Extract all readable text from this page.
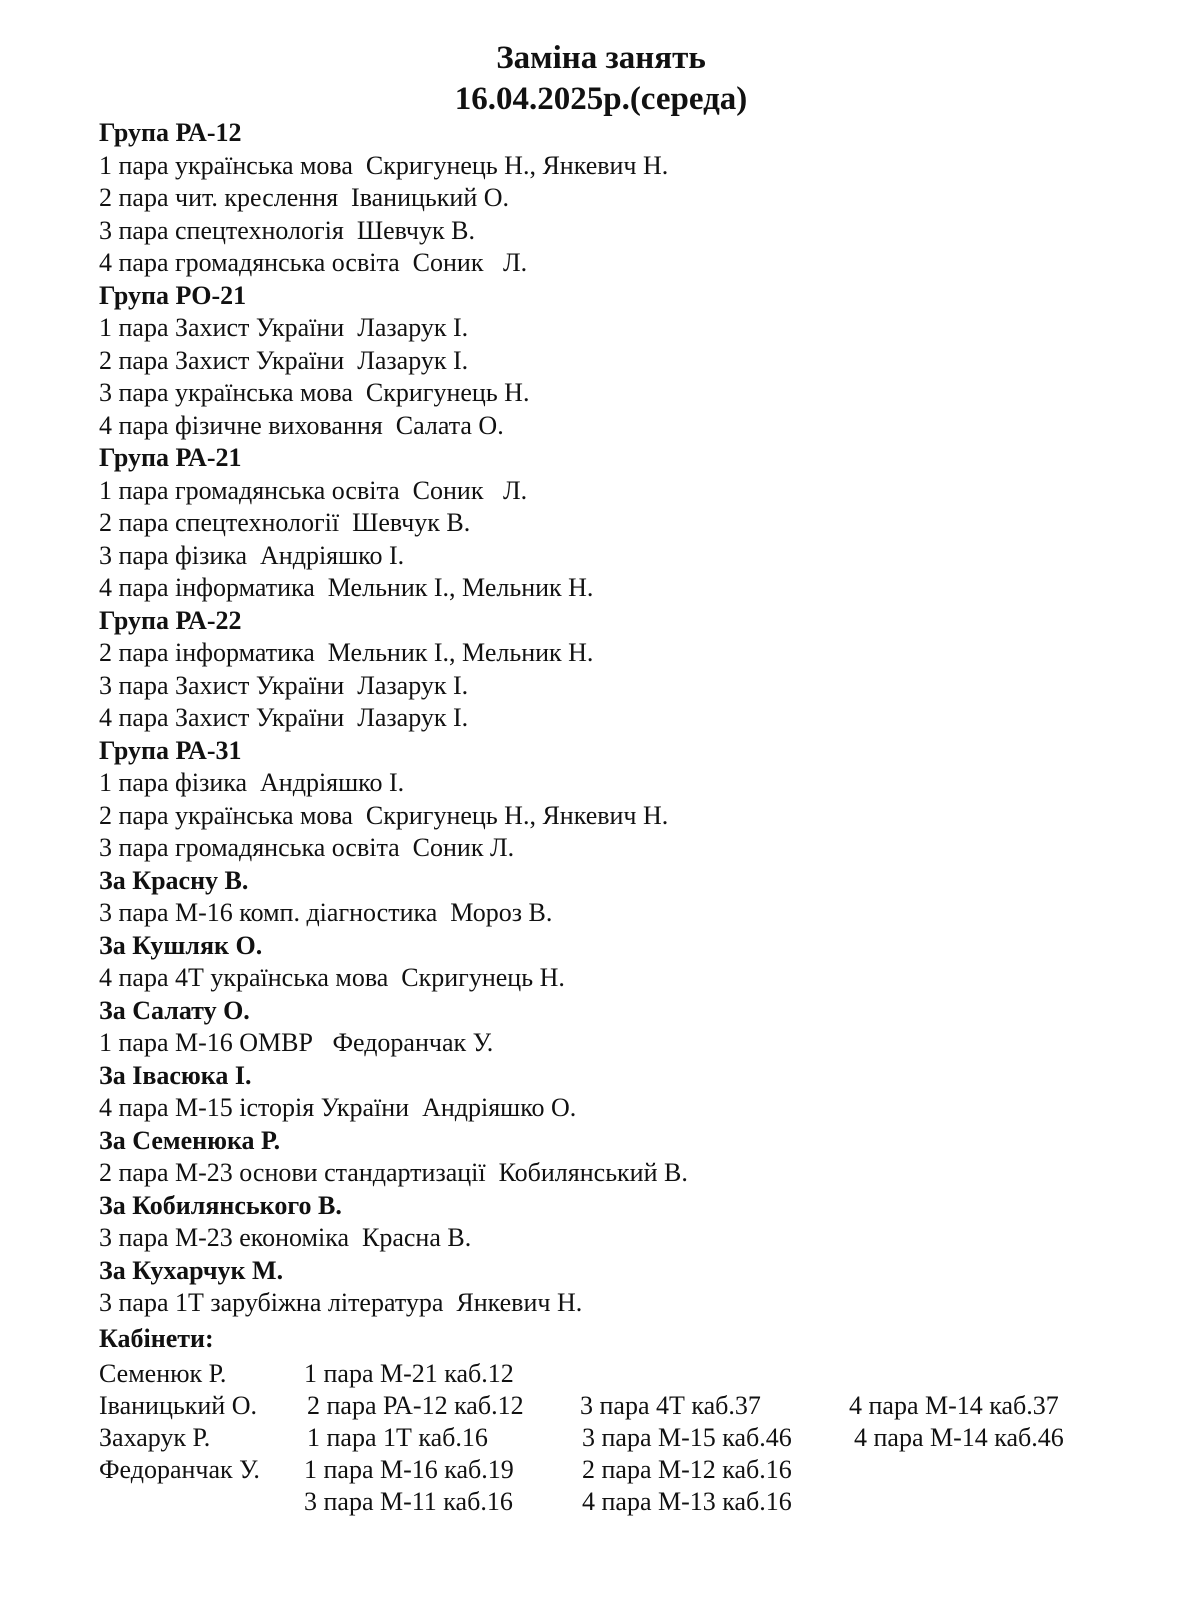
Заміна занять
16.04.2025р.(середа)
Група РА-12
1 пара українська мова  Скригунець Н., Янкевич Н.
2 пара чит. креслення  Іваницький О.
3 пара спецтехнологія  Шевчук В.
4 пара громадянська освіта  Соник   Л.
Група РО-21
1 пара Захист України  Лазарук І.
2 пара Захист України  Лазарук І.
3 пара українська мова  Скригунець Н.
4 пара фізичне виховання  Салата О.
Група РА-21
1 пара громадянська освіта  Соник   Л.
2 пара спецтехнології  Шевчук В.
3 пара фізика  Андріяшко І.
4 пара інформатика  Мельник І., Мельник Н.
Група РА-22
2 пара інформатика  Мельник І., Мельник Н.
3 пара Захист України  Лазарук І.
4 пара Захист України  Лазарук І.
Група РА-31
1 пара фізика  Андріяшко І.
2 пара українська мова  Скригунець Н., Янкевич Н.
3 пара громадянська освіта  Соник Л.
За Красну В.
3 пара М-16 комп. діагностика  Мороз В.
За Кушляк О.
4 пара 4Т українська мова  Скригунець Н.
За Салату О.
1 пара М-16 ОМВР   Федоранчак У.
За Івасюка І.
4 пара М-15 історія України  Андріяшко О.
За Семенюка Р.
2 пара М-23 основи стандартизації  Кобилянський В.
За Кобилянського В.
3 пара М-23 економіка  Красна В.
За Кухарчук М.
3 пара 1Т зарубіжна література  Янкевич Н.
Кабінети:
Семенюк Р.	1 пара М-21 каб.12
Іваницький О. 2 пара РА-12 каб.12 3 пара 4Т каб.37	4 пара М-14 каб.37
Захарук Р.	1 пара 1Т каб.16	3 пара М-15 каб.46 4 пара М-14 каб.46
Федоранчак У. 1 пара М-16 каб.19	2 пара М-12 каб.16
3 пара М-11 каб.16	4 пара М-13 каб.16
